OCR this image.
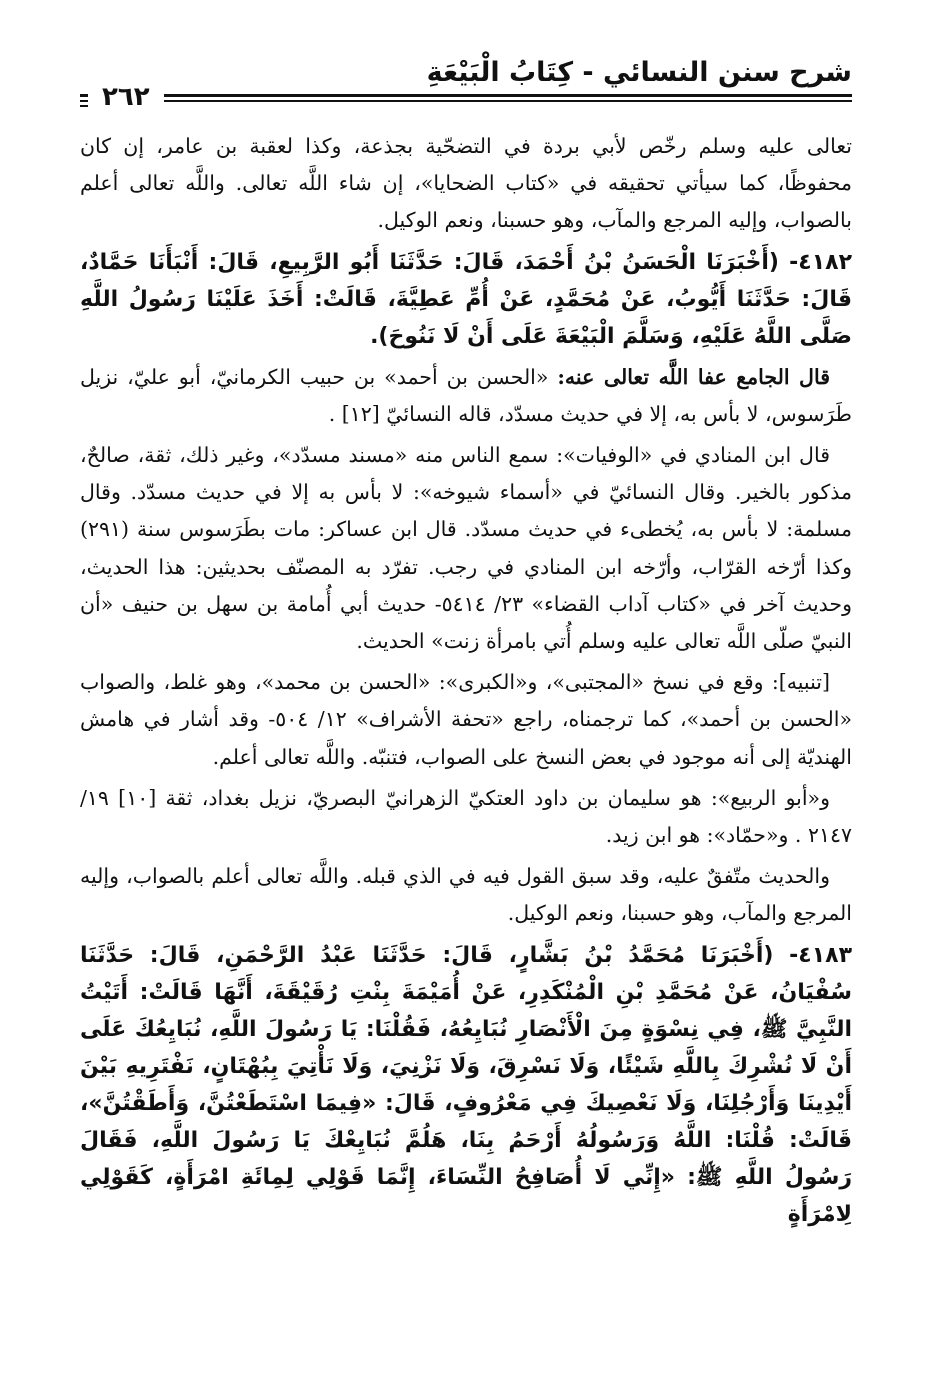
شرح سنن النسائي - كِتَابُ الْبَيْعَةِ
٢٦٢

تعالى عليه وسلم رخّص لأبي بردة في التضحّية بجذعة، وكذا لعقبة بن عامر، إن كان محفوظًا، كما سيأتي تحقيقه في «كتاب الضحايا»، إن شاء اللَّه تعالى. واللَّه تعالى أعلم بالصواب، وإليه المرجع والمآب، وهو حسبنا، ونعم الوكيل.

٤١٨٢- (أَخْبَرَنَا الْحَسَنُ بْنُ أَحْمَدَ، قَالَ: حَدَّثَنَا أَبُو الرَّبِيعِ، قَالَ: أَنْبَأَنَا حَمَّادٌ، قَالَ: حَدَّثَنَا أَيُّوبُ، عَنْ مُحَمَّدٍ، عَنْ أُمِّ عَطِيَّةَ، قَالَتْ: أَخَذَ عَلَيْنَا رَسُولُ اللَّهِ صَلَّى اللَّهُ عَلَيْهِ، وَسَلَّمَ الْبَيْعَةَ عَلَى أَنْ لَا نَنُوحَ).

قال الجامع عفا اللَّه تعالى عنه: «الحسن بن أحمد» بن حبيب الكرمانيّ، أبو عليّ، نزيل طَرَسوس، لا بأس به، إلا في حديث مسدّد، قاله النسائيّ [١٢] .

قال ابن المنادي في «الوفيات»: سمع الناس منه «مسند مسدّد»، وغير ذلك، ثقة، صالحٌ، مذكور بالخير. وقال النسائيّ في «أسماء شيوخه»: لا بأس به إلا في حديث مسدّد. وقال مسلمة: لا بأس به، يُخطىء في حديث مسدّد. قال ابن عساكر: مات بطَرَسوس سنة (٢٩١) وكذا أرّخه القرّاب، وأرّخه ابن المنادي في رجب. تفرّد به المصنّف بحديثين: هذا الحديث، وحديث آخر في «كتاب آداب القضاء» ٢٣/ ٥٤١٤- حديث أبي أُمامة بن سهل بن حنيف «أن النبيّ صلّى اللَّه تعالى عليه وسلم أُتي بامرأة زنت» الحديث.

[تنبيه]: وقع في نسخ «المجتبى»، و«الكبرى»: «الحسن بن محمد»، وهو غلط، والصواب «الحسن بن أحمد»، كما ترجمناه، راجع «تحفة الأشراف» ١٢/ ٥٠٤- وقد أشار في هامش الهنديّة إلى أنه موجود في بعض النسخ على الصواب، فتنبّه. واللَّه تعالى أعلم.

و«أبو الربيع»: هو سليمان بن داود العتكيّ الزهرانيّ البصريّ، نزيل بغداد، ثقة [١٠] ١٩/ ٢١٤٧ . و«حمّاد»: هو ابن زيد.

والحديث متّفقٌ عليه، وقد سبق القول فيه في الذي قبله. واللَّه تعالى أعلم بالصواب، وإليه المرجع والمآب، وهو حسبنا، ونعم الوكيل.

٤١٨٣- (أَخْبَرَنَا مُحَمَّدُ بْنُ بَشَّارٍ، قَالَ: حَدَّثَنَا عَبْدُ الرَّحْمَنِ، قَالَ: حَدَّثَنَا سُفْيَانُ، عَنْ مُحَمَّدِ بْنِ الْمُنْكَدِرِ، عَنْ أُمَيْمَةَ بِنْتِ رُقَيْقَةَ، أَنَّهَا قَالَتْ: أَتَيْتُ النَّبِيَّ ﷺ، فِي نِسْوَةٍ مِنَ الْأَنْصَارِ نُبَايِعُهُ، فَقُلْنَا: يَا رَسُولَ اللَّهِ، نُبَايِعُكَ عَلَى أَنْ لَا نُشْرِكَ بِاللَّهِ شَيْئًا، وَلَا نَسْرِقَ، وَلَا نَزْنِيَ، وَلَا نَأْتِيَ بِبُهْتَانٍ، نَفْتَرِيهِ بَيْنَ أَيْدِينَا وَأَرْجُلِنَا، وَلَا نَعْصِيكَ فِي مَعْرُوفٍ، قَالَ: «فِيمَا اسْتَطَعْتُنَّ، وَأَطَقْتُنَّ»، قَالَتْ: قُلْنَا: اللَّهُ وَرَسُولُهُ أَرْحَمُ بِنَا، هَلُمَّ نُبَايِعْكَ يَا رَسُولَ اللَّهِ، فَقَالَ رَسُولُ اللَّهِ ﷺ: «إِنِّي لَا أُصَافِحُ النِّسَاءَ، إِنَّمَا قَوْلِي لِمِائَةِ امْرَأَةٍ، كَقَوْلِي لِامْرَأَةٍ
